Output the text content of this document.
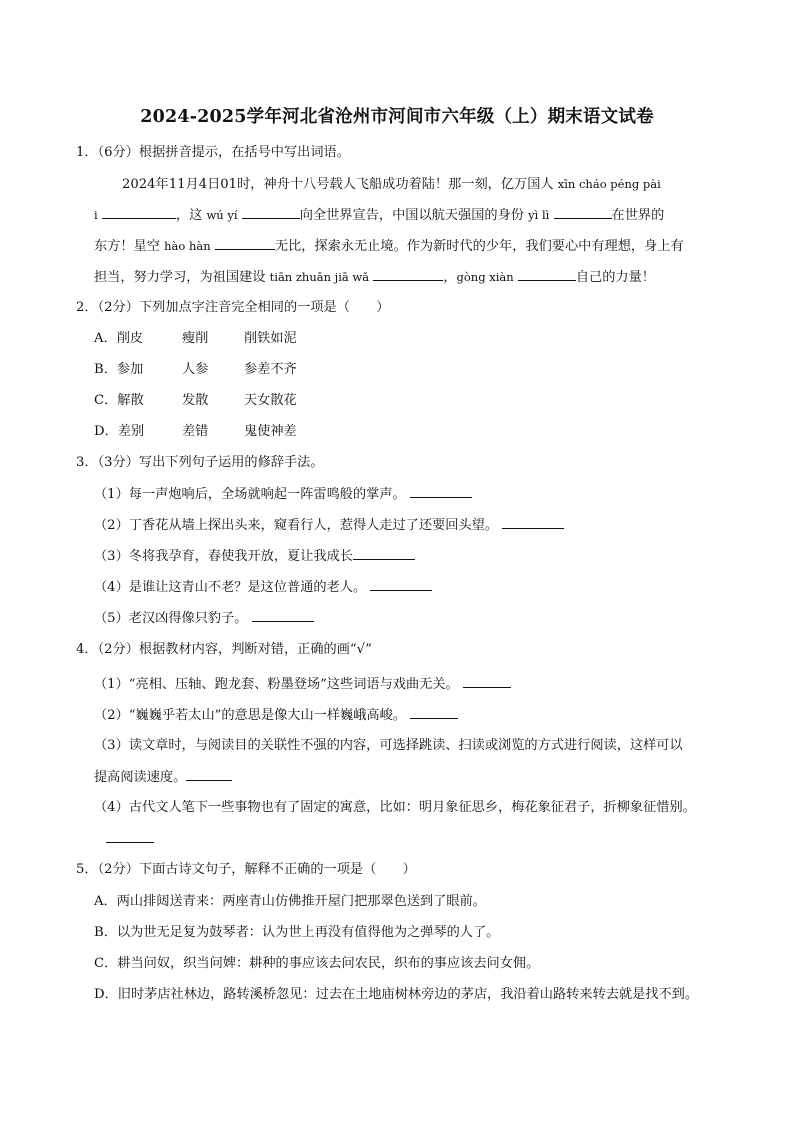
2024-2025学年河北省沧州市河间市六年级（上）期末语文试卷
1．（6分）根据拼音提示，在括号中写出词语。
2024年11月4日01时，神舟十八号载人飞船成功着陆！那一刻，亿万国人 xīn cháo péng pài
i	，这 wú yí	向全世界宣告，中国以航天强国的身份 yì lì	在世界的
东方！星空 hào hàn	无比，探索永无止境。作为新时代的少年，我们要心中有理想，身上有
担当，努力学习，为祖国建设 tiān zhuān jiā wǎ	，gòng xiàn	自己的力量！
2．（2分）下列加点字注音完全相同的一项是（　　）
A．削皮	瘦削	削铁如泥
B．参加	人参	参差不齐
C．解散	发散	天女散花
D．差别	差错	鬼使神差
3．（3分）写出下列句子运用的修辞手法。
（1）每一声炮响后，全场就响起一阵雷鸣般的掌声。
（2）丁香花从墙上探出头来，窥看行人，惹得人走过了还要回头望。
（3）冬将我孕育，春使我开放，夏让我成长
（4）是谁让这青山不老？是这位普通的老人。
（5）老汉凶得像只豹子。
4．（2分）根据教材内容，判断对错，正确的画“√”
（1）“亮相、压轴、跑龙套、粉墨登场”这些词语与戏曲无关。
（2）“巍巍乎若太山”的意思是像大山一样巍峨高峻。
（3）读文章时，与阅读目的关联性不强的内容，可选择跳读、扫读或浏览的方式进行阅读，这样可以
提高阅读速度。
（4）古代文人笔下一些事物也有了固定的寓意，比如：明月象征思乡，梅花象征君子，折柳象征惜别。
5．（2分）下面古诗文句子，解释不正确的一项是（　　）
A．两山排闼送青来：两座青山仿佛推开屋门把那翠色送到了眼前。
B．以为世无足复为鼓琴者：认为世上再没有值得他为之弹琴的人了。
C．耕当问奴，织当问婢：耕种的事应该去问农民，织布的事应该去问女佣。
D．旧时茅店社林边，路转溪桥忽见：过去在土地庙树林旁边的茅店，我沿着山路转来转去就是找不到。
